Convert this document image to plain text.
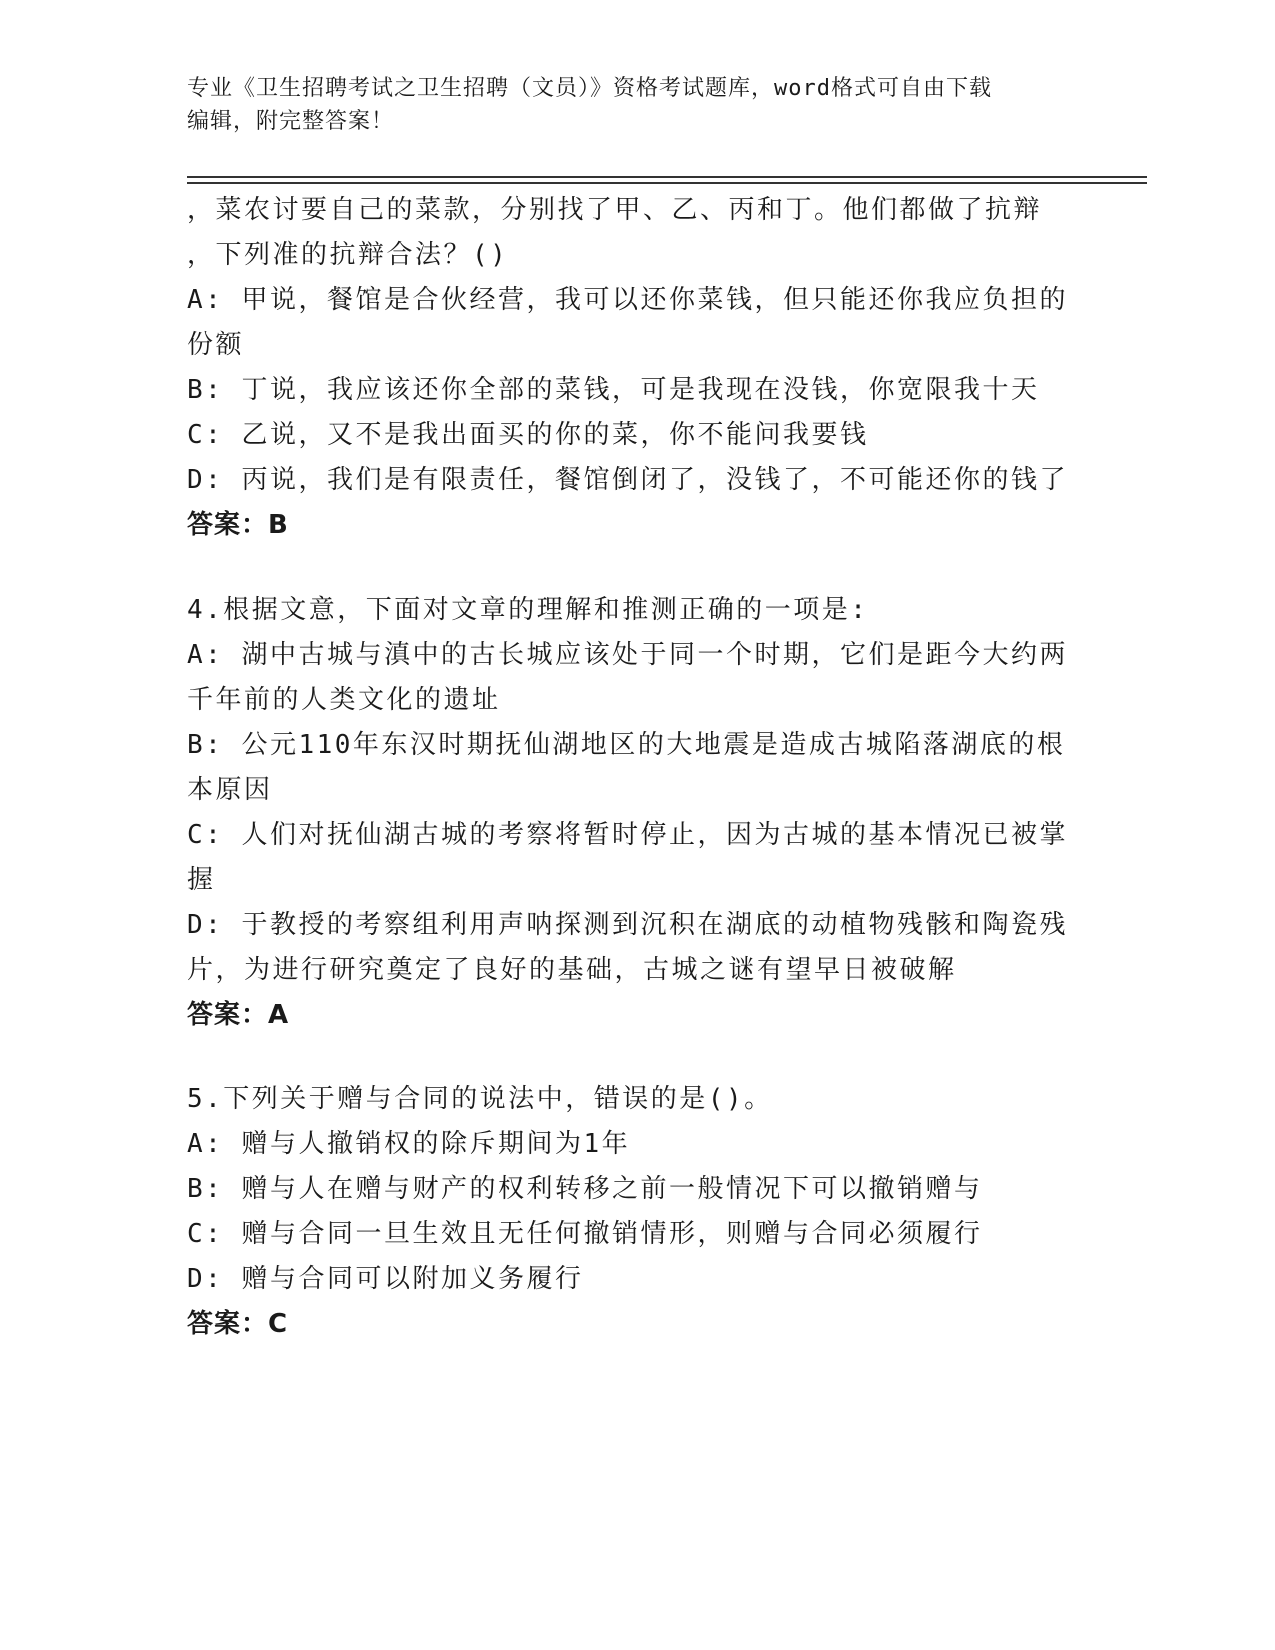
专业《卫生招聘考试之卫生招聘（文员）》资格考试题库，word格式可自由下载
编辑，附完整答案！
，菜农讨要自己的菜款，分别找了甲、乙、丙和丁。他们都做了抗辩
，下列准的抗辩合法？()
A: 甲说，餐馆是合伙经营，我可以还你菜钱，但只能还你我应负担的
份额
B: 丁说，我应该还你全部的菜钱，可是我现在没钱，你宽限我十天
C: 乙说，又不是我出面买的你的菜，你不能问我要钱
D: 丙说，我们是有限责任，餐馆倒闭了，没钱了，不可能还你的钱了
答案：B
4.根据文意，下面对文章的理解和推测正确的一项是:
A: 湖中古城与滇中的古长城应该处于同一个时期，它们是距今大约两
千年前的人类文化的遗址
B: 公元110年东汉时期抚仙湖地区的大地震是造成古城陷落湖底的根
本原因
C: 人们对抚仙湖古城的考察将暂时停止，因为古城的基本情况已被掌
握
D: 于教授的考察组利用声呐探测到沉积在湖底的动植物残骸和陶瓷残
片，为进行研究奠定了良好的基础，古城之谜有望早日被破解
答案：A
5.下列关于赠与合同的说法中，错误的是()。
A: 赠与人撤销权的除斥期间为1年
B: 赠与人在赠与财产的权利转移之前一般情况下可以撤销赠与
C: 赠与合同一旦生效且无任何撤销情形，则赠与合同必须履行
D: 赠与合同可以附加义务履行
答案：C
